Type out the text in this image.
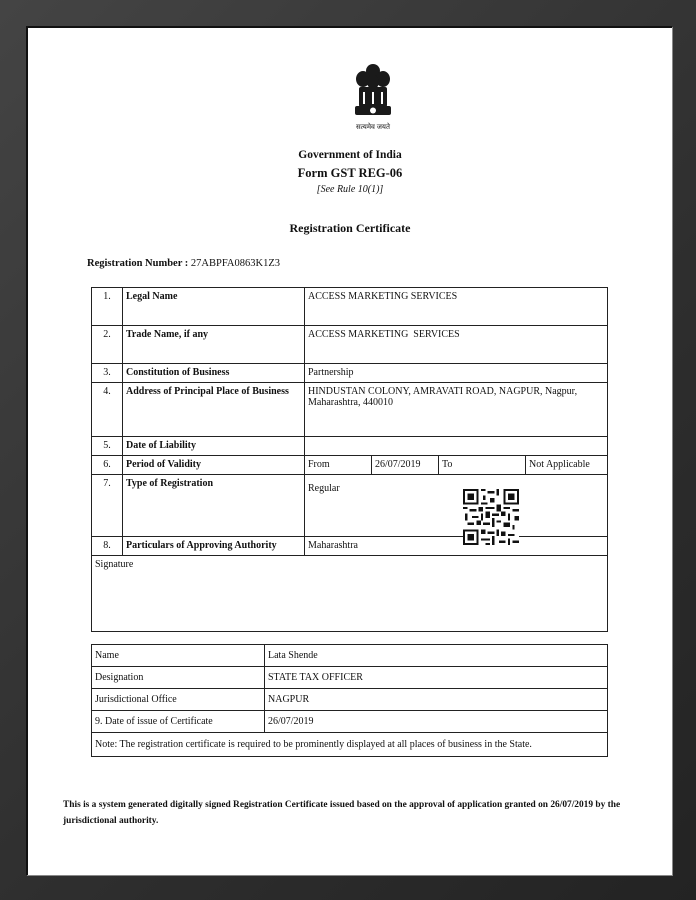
सत्यमेव जयते
Government of India
Form GST REG-06
[See Rule 10(1)]
Registration Certificate
Registration Number : 27ABPFA0863K1Z3
1.	Legal Name	ACCESS MARKETING SERVICES			
2.	Trade Name, if any	ACCESS MARKETING  SERVICES			
3.	Constitution of Business	Partnership			
4.	Address of Principal Place of Business	HINDUSTAN COLONY, AMRAVATI ROAD, NAGPUR, Nagpur, Maharashtra, 440010			
5.	Date of Liability				
6.	Period of Validity	From	26/07/2019	To	Not Applicable
7.	Type of Registration	Regular			
8.	Particulars of Approving Authority	Maharashtra			
Signature					
Name	Lata Shende
Designation	STATE TAX OFFICER
Jurisdictional Office	NAGPUR
9. Date of issue of Certificate	26/07/2019
Note: The registration certificate is required to be prominently displayed at all places of business in the State.	
This is a system generated digitally signed Registration Certificate issued based on the approval of application granted on 26/07/2019 by the jurisdictional authority.
